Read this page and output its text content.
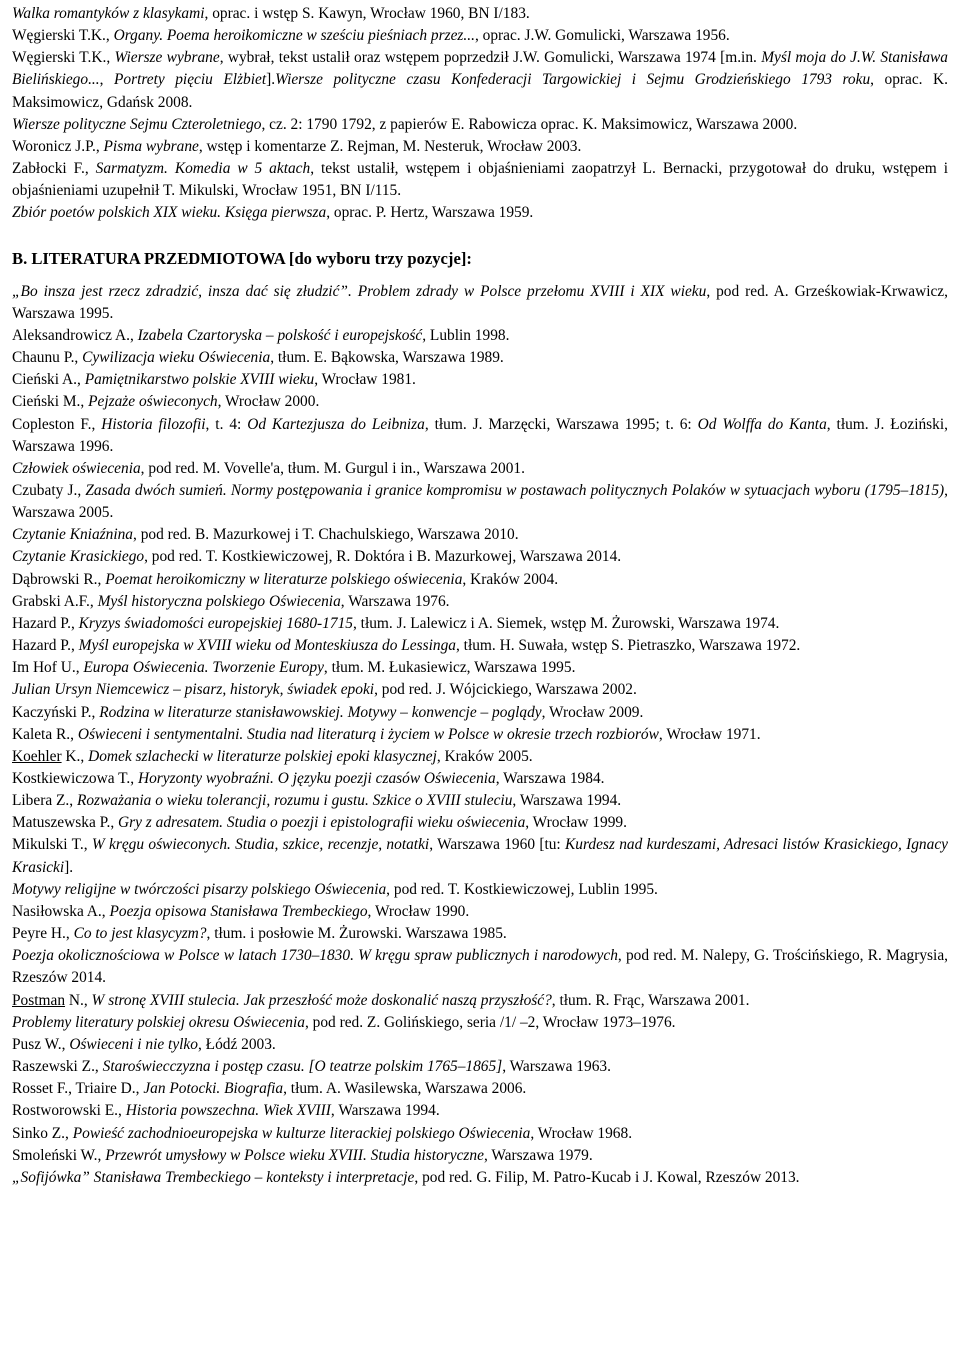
Walka romantyków z klasykami, oprac. i wstęp S. Kawyn, Wrocław 1960, BN I/183.
Węgierski T.K., Organy. Poema heroikomiczne w sześciu pieśniach przez..., oprac. J.W. Gomulicki, Warszawa 1956.
Węgierski T.K., Wiersze wybrane, wybrał, tekst ustalił oraz wstępem poprzedził J.W. Gomulicki, Warszawa 1974 [m.in. Myśl moja do J.W. Stanisława Bielińskiego..., Portrety pięciu Elżbiet].Wiersze polityczne czasu Konfederacji Targowickiej i Sejmu Grodzieńskiego 1793 roku, oprac. K. Maksimowicz, Gdańsk 2008.
Wiersze polityczne Sejmu Czteroletniego, cz. 2: 1790 1792, z papierów E. Rabowicza oprac. K. Maksimowicz, Warszawa 2000.
Woronicz J.P., Pisma wybrane, wstęp i komentarze Z. Rejman, M. Nesteruk, Wrocław 2003.
Zabłocki F., Sarmatyzm. Komedia w 5 aktach, tekst ustalił, wstępem i objaśnieniami zaopatrzył L. Bernacki, przygotował do druku, wstępem i objaśnieniami uzupełnił T. Mikulski, Wrocław 1951, BN I/115.
Zbiór poetów polskich XIX wieku. Księga pierwsza, oprac. P. Hertz, Warszawa 1959.
B. LITERATURA PRZEDMIOTOWA [do wyboru trzy pozycje]:
„Bo insza jest rzecz zdradzić, insza dać się złudzić”. Problem zdrady w Polsce przełomu XVIII i XIX wieku, pod red. A. Grześkowiak-Krwawicz, Warszawa 1995.
Aleksandrowicz A., Izabela Czartoryska – polskość i europejskość, Lublin 1998.
Chaunu P., Cywilizacja wieku Oświecenia, tłum. E. Bąkowska, Warszawa 1989.
Cieński A., Pamiętnikarstwo polskie XVIII wieku, Wrocław 1981.
Cieński M., Pejzaże oświeconych, Wrocław 2000.
Copleston F., Historia filozofii, t. 4: Od Kartezjusza do Leibniza, tłum. J. Marzęcki, Warszawa 1995; t. 6: Od Wolffa do Kanta, tłum. J. Łoziński, Warszawa 1996.
Człowiek oświecenia, pod red. M. Vovelle'a, tłum. M. Gurgul i in., Warszawa 2001.
Czubaty J., Zasada dwóch sumień. Normy postępowania i granice kompromisu w postawach politycznych Polaków w sytuacjach wyboru (1795–1815), Warszawa 2005.
Czytanie Kniaźnina, pod red. B. Mazurkowej i T. Chachulskiego, Warszawa 2010.
Czytanie Krasickiego, pod red. T. Kostkiewiczowej, R. Doktóra i B. Mazurkowej, Warszawa 2014.
Dąbrowski R., Poemat heroikomiczny w literaturze polskiego oświecenia, Kraków 2004.
Grabski A.F., Myśl historyczna polskiego Oświecenia, Warszawa 1976.
Hazard P., Kryzys świadomości europejskiej 1680-1715, tłum. J. Lalewicz i A. Siemek, wstęp M. Żurowski, Warszawa 1974.
Hazard P., Myśl europejska w XVIII wieku od Monteskiusza do Lessinga, tłum. H. Suwała, wstęp S. Pietraszko, Warszawa 1972.
Im Hof U., Europa Oświecenia. Tworzenie Europy, tłum. M. Łukasiewicz, Warszawa 1995.
Julian Ursyn Niemcewicz – pisarz, historyk, świadek epoki, pod red. J. Wójcickiego, Warszawa 2002.
Kaczyński P., Rodzina w literaturze stanisławowskiej. Motywy – konwencje – poglądy, Wrocław 2009.
Kaleta R., Oświeceni i sentymentalni. Studia nad literaturą i życiem w Polsce w okresie trzech rozbiorów, Wrocław 1971.
Koehler K., Domek szlachecki w literaturze polskiej epoki klasycznej, Kraków 2005.
Kostkiewiczowa T., Horyzonty wyobraźni. O języku poezji czasów Oświecenia, Warszawa 1984.
Libera Z., Rozważania o wieku tolerancji, rozumu i gustu. Szkice o XVIII stuleciu, Warszawa 1994.
Matuszewska P., Gry z adresatem. Studia o poezji i epistolografii wieku oświecenia, Wrocław 1999.
Mikulski T., W kręgu oświeconych. Studia, szkice, recenzje, notatki, Warszawa 1960 [tu: Kurdesz nad kurdeszami, Adresaci listów Krasickiego, Ignacy Krasicki].
Motywy religijne w twórczości pisarzy polskiego Oświecenia, pod red. T. Kostkiewiczowej, Lublin 1995.
Nasiłowska A., Poezja opisowa Stanisława Trembeckiego, Wrocław 1990.
Peyre H., Co to jest klasycyzm?, tłum. i posłowie M. Żurowski. Warszawa 1985.
Poezja okolicznościowa w Polsce w latach 1730–1830. W kręgu spraw publicznych i narodowych, pod red. M. Nalepy, G. Trościńskiego, R. Magrysia, Rzeszów 2014.
Postman N., W stronę XVIII stulecia. Jak przeszłość może doskonalić naszą przyszłość?, tłum. R. Frąc, Warszawa 2001.
Problemy literatury polskiej okresu Oświecenia, pod red. Z. Golińskiego, seria /1/ –2, Wrocław 1973–1976.
Pusz W., Oświeceni i nie tylko, Łódź 2003.
Raszewski Z., Staroświecczyzna i postęp czasu. [O teatrze polskim 1765–1865], Warszawa 1963.
Rosset F., Triaire D., Jan Potocki. Biografia, tłum. A. Wasilewska, Warszawa 2006.
Rostworowski E., Historia powszechna. Wiek XVIII, Warszawa 1994.
Sinko Z., Powieść zachodnioeuropejska w kulturze literackiej polskiego Oświecenia, Wrocław 1968.
Smoleński W., Przewrót umysłowy w Polsce wieku XVIII. Studia historyczne, Warszawa 1979.
„Sofijówka” Stanisława Trembeckiego – konteksty i interpretacje, pod red. G. Filip, M. Patro-Kucab i J. Kowal, Rzeszów 2013.
